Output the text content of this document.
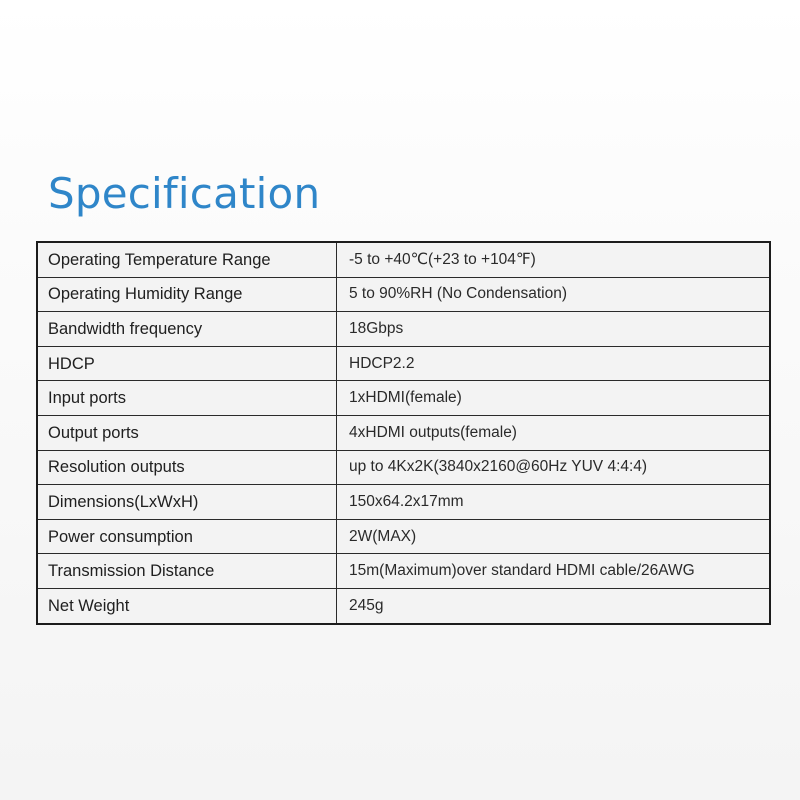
Specification
Operating Temperature Range	-5 to +40℃(+23 to +104℉)
Operating Humidity Range	5 to 90%RH (No Condensation)
Bandwidth frequency	18Gbps
HDCP	HDCP2.2
Input ports	1xHDMI(female)
Output ports	4xHDMI outputs(female)
Resolution outputs	up to 4Kx2K(3840x2160@60Hz YUV 4:4:4)
Dimensions(LxWxH)	150x64.2x17mm
Power consumption	2W(MAX)
Transmission Distance	15m(Maximum)over standard HDMI cable/26AWG
Net Weight	245g
